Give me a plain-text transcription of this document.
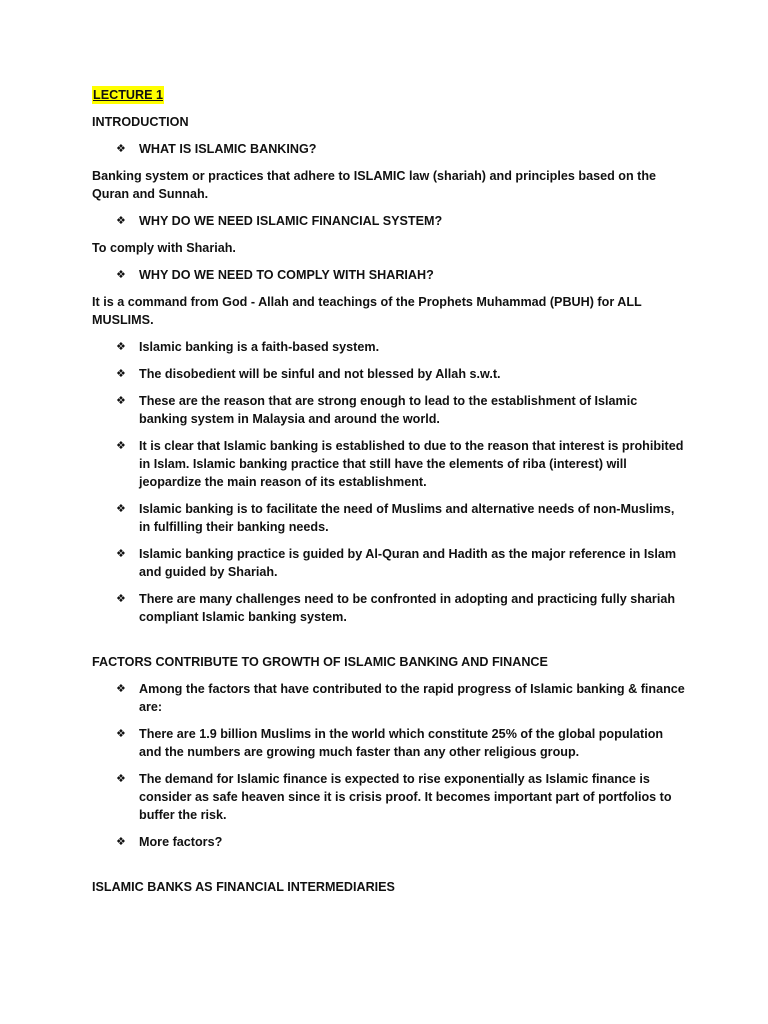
LECTURE 1

INTRODUCTION

❖ WHAT IS ISLAMIC BANKING?

Banking system or practices that adhere to ISLAMIC law (shariah) and principles based on the Quran and Sunnah.

❖ WHY DO WE NEED ISLAMIC FINANCIAL SYSTEM?

To comply with Shariah.

❖ WHY DO WE NEED TO COMPLY WITH SHARIAH?

It is a command from God - Allah and teachings of the Prophets Muhammad (PBUH) for ALL MUSLIMS.

❖ Islamic banking is a faith-based system.
❖ The disobedient will be sinful and not blessed by Allah s.w.t.
❖ These are the reason that are strong enough to lead to the establishment of Islamic banking system in Malaysia and around the world.
❖ It is clear that Islamic banking is established to due to the reason that interest is prohibited in Islam. Islamic banking practice that still have the elements of riba (interest) will jeopardize the main reason of its establishment.
❖ Islamic banking is to facilitate the need of Muslims and alternative needs of non-Muslims, in fulfilling their banking needs.
❖ Islamic banking practice is guided by Al-Quran and Hadith as the major reference in Islam and guided by Shariah.
❖ There are many challenges need to be confronted in adopting and practicing fully shariah compliant Islamic banking system.

FACTORS CONTRIBUTE TO GROWTH OF ISLAMIC BANKING AND FINANCE

❖ Among the factors that have contributed to the rapid progress of Islamic banking & finance are:
❖ There are 1.9 billion Muslims in the world which constitute 25% of the global population and the numbers are growing much faster than any other religious group.
❖ The demand for Islamic finance is expected to rise exponentially as Islamic finance is consider as safe heaven since it is crisis proof. It becomes important part of portfolios to buffer the risk.
❖ More factors?

ISLAMIC BANKS AS FINANCIAL INTERMEDIARIES
